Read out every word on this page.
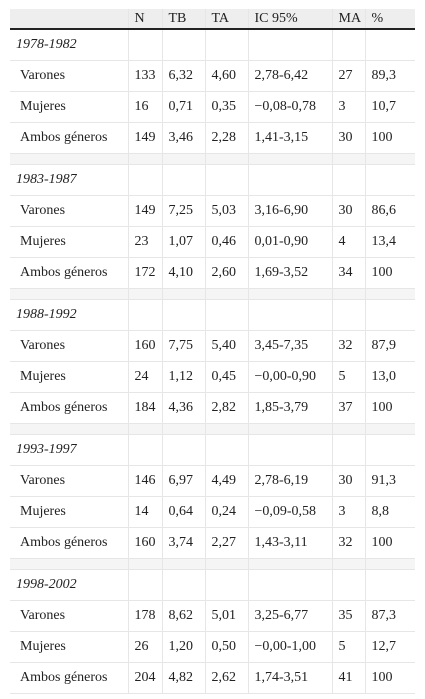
	N	TB	TA	IC 95%	MA	%
1978-1982						
Varones	133	6,32	4,60	2,78-6,42	27	89,3
Mujeres	16	0,71	0,35	−0,08-0,78	3	10,7
Ambos géneros	149	3,46	2,28	1,41-3,15	30	100

1983-1987						
Varones	149	7,25	5,03	3,16-6,90	30	86,6
Mujeres	23	1,07	0,46	0,01-0,90	4	13,4
Ambos géneros	172	4,10	2,60	1,69-3,52	34	100

1988-1992						
Varones	160	7,75	5,40	3,45-7,35	32	87,9
Mujeres	24	1,12	0,45	−0,00-0,90	5	13,0
Ambos géneros	184	4,36	2,82	1,85-3,79	37	100

1993-1997						
Varones	146	6,97	4,49	2,78-6,19	30	91,3
Mujeres	14	0,64	0,24	−0,09-0,58	3	8,8
Ambos géneros	160	3,74	2,27	1,43-3,11	32	100

1998-2002						
Varones	178	8,62	5,01	3,25-6,77	35	87,3
Mujeres	26	1,20	0,50	−0,00-1,00	5	12,7
Ambos géneros	204	4,82	2,62	1,74-3,51	41	100
